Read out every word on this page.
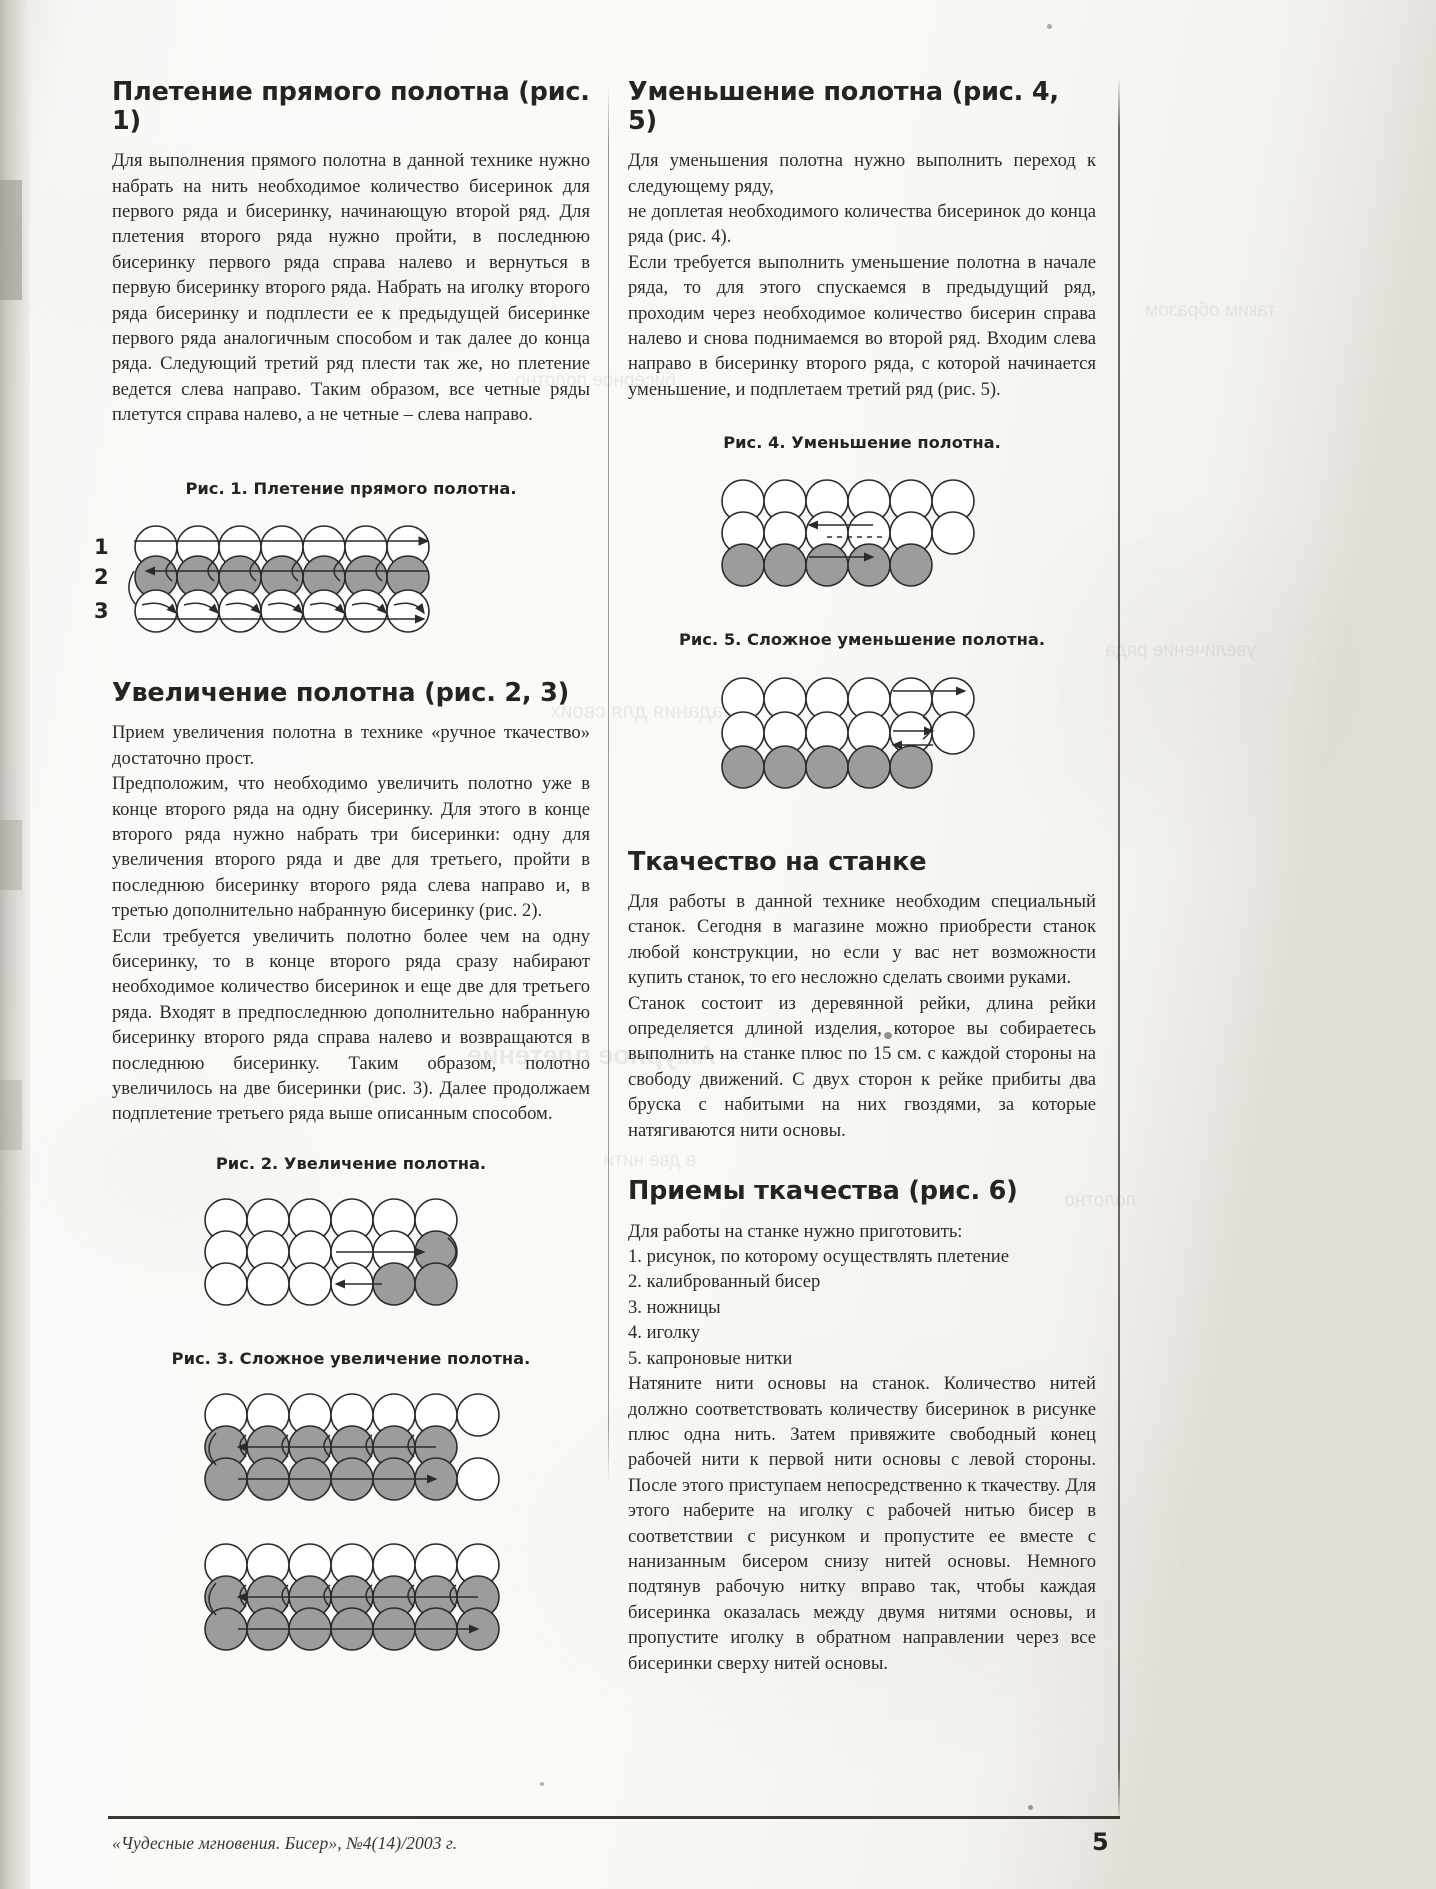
Плетение прямого полотна (рис. 1)

Для выполнения прямого полотна в данной технике нужно набрать на нить необходимое количество бисеринок для первого ряда и бисеринку, начинающую второй ряд. Для плетения второго ряда нужно пройти, в последнюю бисеринку первого ряда справа налево и вернуться в первую бисеринку второго ряда. Набрать на иголку второго ряда бисеринку и подплести ее к предыдущей бисеринке первого ряда аналогичным способом и так далее до конца ряда. Следующий третий ряд плести так же, но плетение ведется слева направо. Таким образом, все четные ряды плетутся справа налево, а не четные – слева направо.

Рис. 1. Плетение прямого полотна.

1
2
3
Увеличение полотна (рис. 2, 3)

Прием увеличения полотна в технике «ручное ткачество» достаточно прост.

Предположим, что необходимо увеличить полотно уже в конце второго ряда на одну бисеринку. Для этого в конце второго ряда нужно набрать три бисеринки: одну для увеличения второго ряда и две для третьего, пройти в последнюю бисеринку второго ряда слева направо и, в третью дополнительно набранную бисеринку (рис. 2).

Если требуется увеличить полотно более чем на одну бисеринку, то в конце второго ряда сразу набирают необходимое количество бисеринок и еще две для третьего ряда. Входят в предпоследнюю дополнительно набранную бисеринку второго ряда справа налево и возвращаются в последнюю бисеринку. Таким образом, полотно увеличилось на две бисеринки (рис. 3). Далее продолжаем подплетение третьего ряда выше описанным способом.

Рис. 2. Увеличение полотна.

Рис. 3. Сложное увеличение полотна.

Уменьшение полотна (рис. 4, 5)

Для уменьшения полотна нужно выполнить переход к следующему ряду,

не доплетая необходимого количества бисеринок до конца ряда (рис. 4).

Если требуется выполнить уменьшение полотна в начале ряда, то для этого спускаемся в предыдущий ряд, проходим через необходимое количество бисерин справа налево и снова поднимаемся во второй ряд. Входим слева направо в бисеринку второго ряда, с которой начинается уменьшение, и подплетаем третий ряд (рис. 5).

Рис. 4. Уменьшение полотна.

Рис. 5. Сложное уменьшение полотна.

Ткачество на станке

Для работы в данной технике необходим специальный станок. Сегодня в магазине можно приобрести станок любой конструкции, но если у вас нет возможности купить станок, то его несложно сделать своими руками.

Станок состоит из деревянной рейки, длина рейки определяется длиной изделия, которое вы собираетесь выполнить на станке плюс по 15 см. с каждой стороны на свободу движений. С двух сторон к рейке прибиты два бруска с набитыми на них гвоздями, за которые натягиваются нити основы.

Приемы ткачества (рис. 6)

Для работы на станке нужно приготовить:

1. рисунок, по которому осуществлять плетение
2. калиброванный бисер
3. ножницы
4. иголку
5. капроновые нитки

Натяните нити основы на станок. Количество нитей должно соответствовать количеству бисеринок в рисунке плюс одна нить. Затем привяжите свободный конец рабочей нити к первой нити основы с левой стороны. После этого приступаем непосредственно к ткачеству. Для этого наберите на иголку с рабочей нитью бисер в соответствии с рисунком и пропустите ее вместе с нанизанным бисером снизу нитей основы. Немного подтянув рабочую нитку вправо так, чтобы каждая бисеринка оказалась между двумя нитями основы, и пропустите иголку в обратном направлении через все бисеринки сверху нитей основы.

«Чудесные мгновения. Бисер», №4(14)/2003 г.	5
